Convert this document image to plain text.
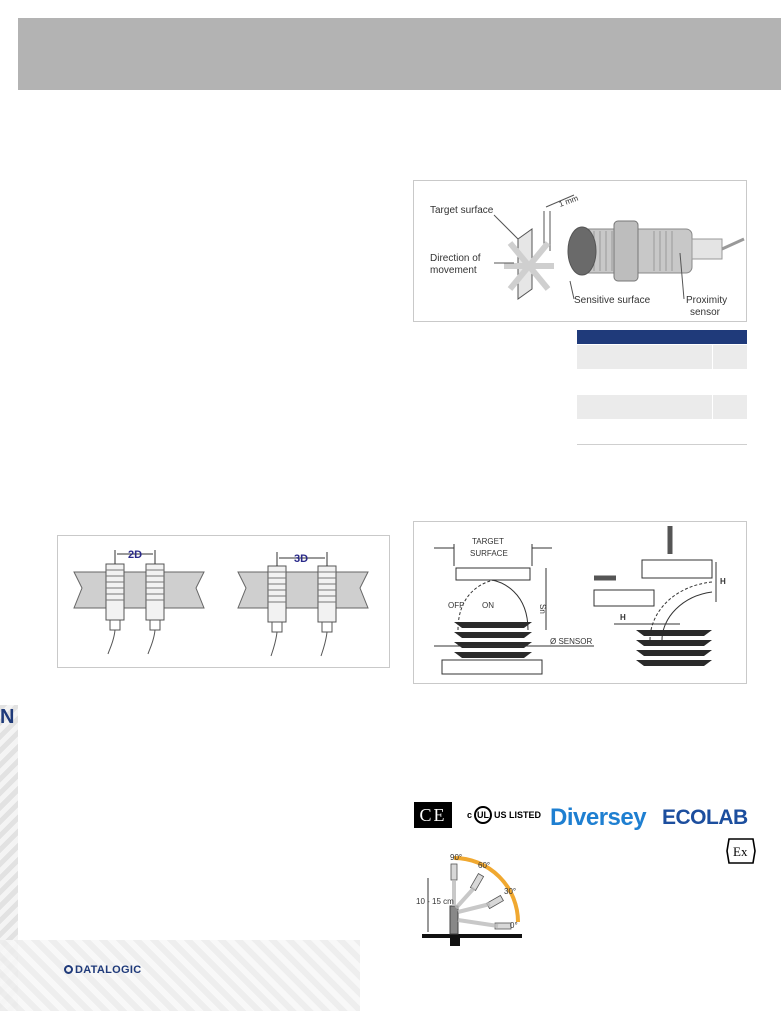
Target surface
Direction of
movement
1 mm
Sensitive surface	Proximity
sensor
2D	3D
TARGET
SURFACE
Sn
OFF ON
Ø SENSOR
H
H
CE	c UL US LISTED Diversey ECOLAB
Ex
90°
60°
30°
0°
10 - 15 cm
N
DATALOGIC
